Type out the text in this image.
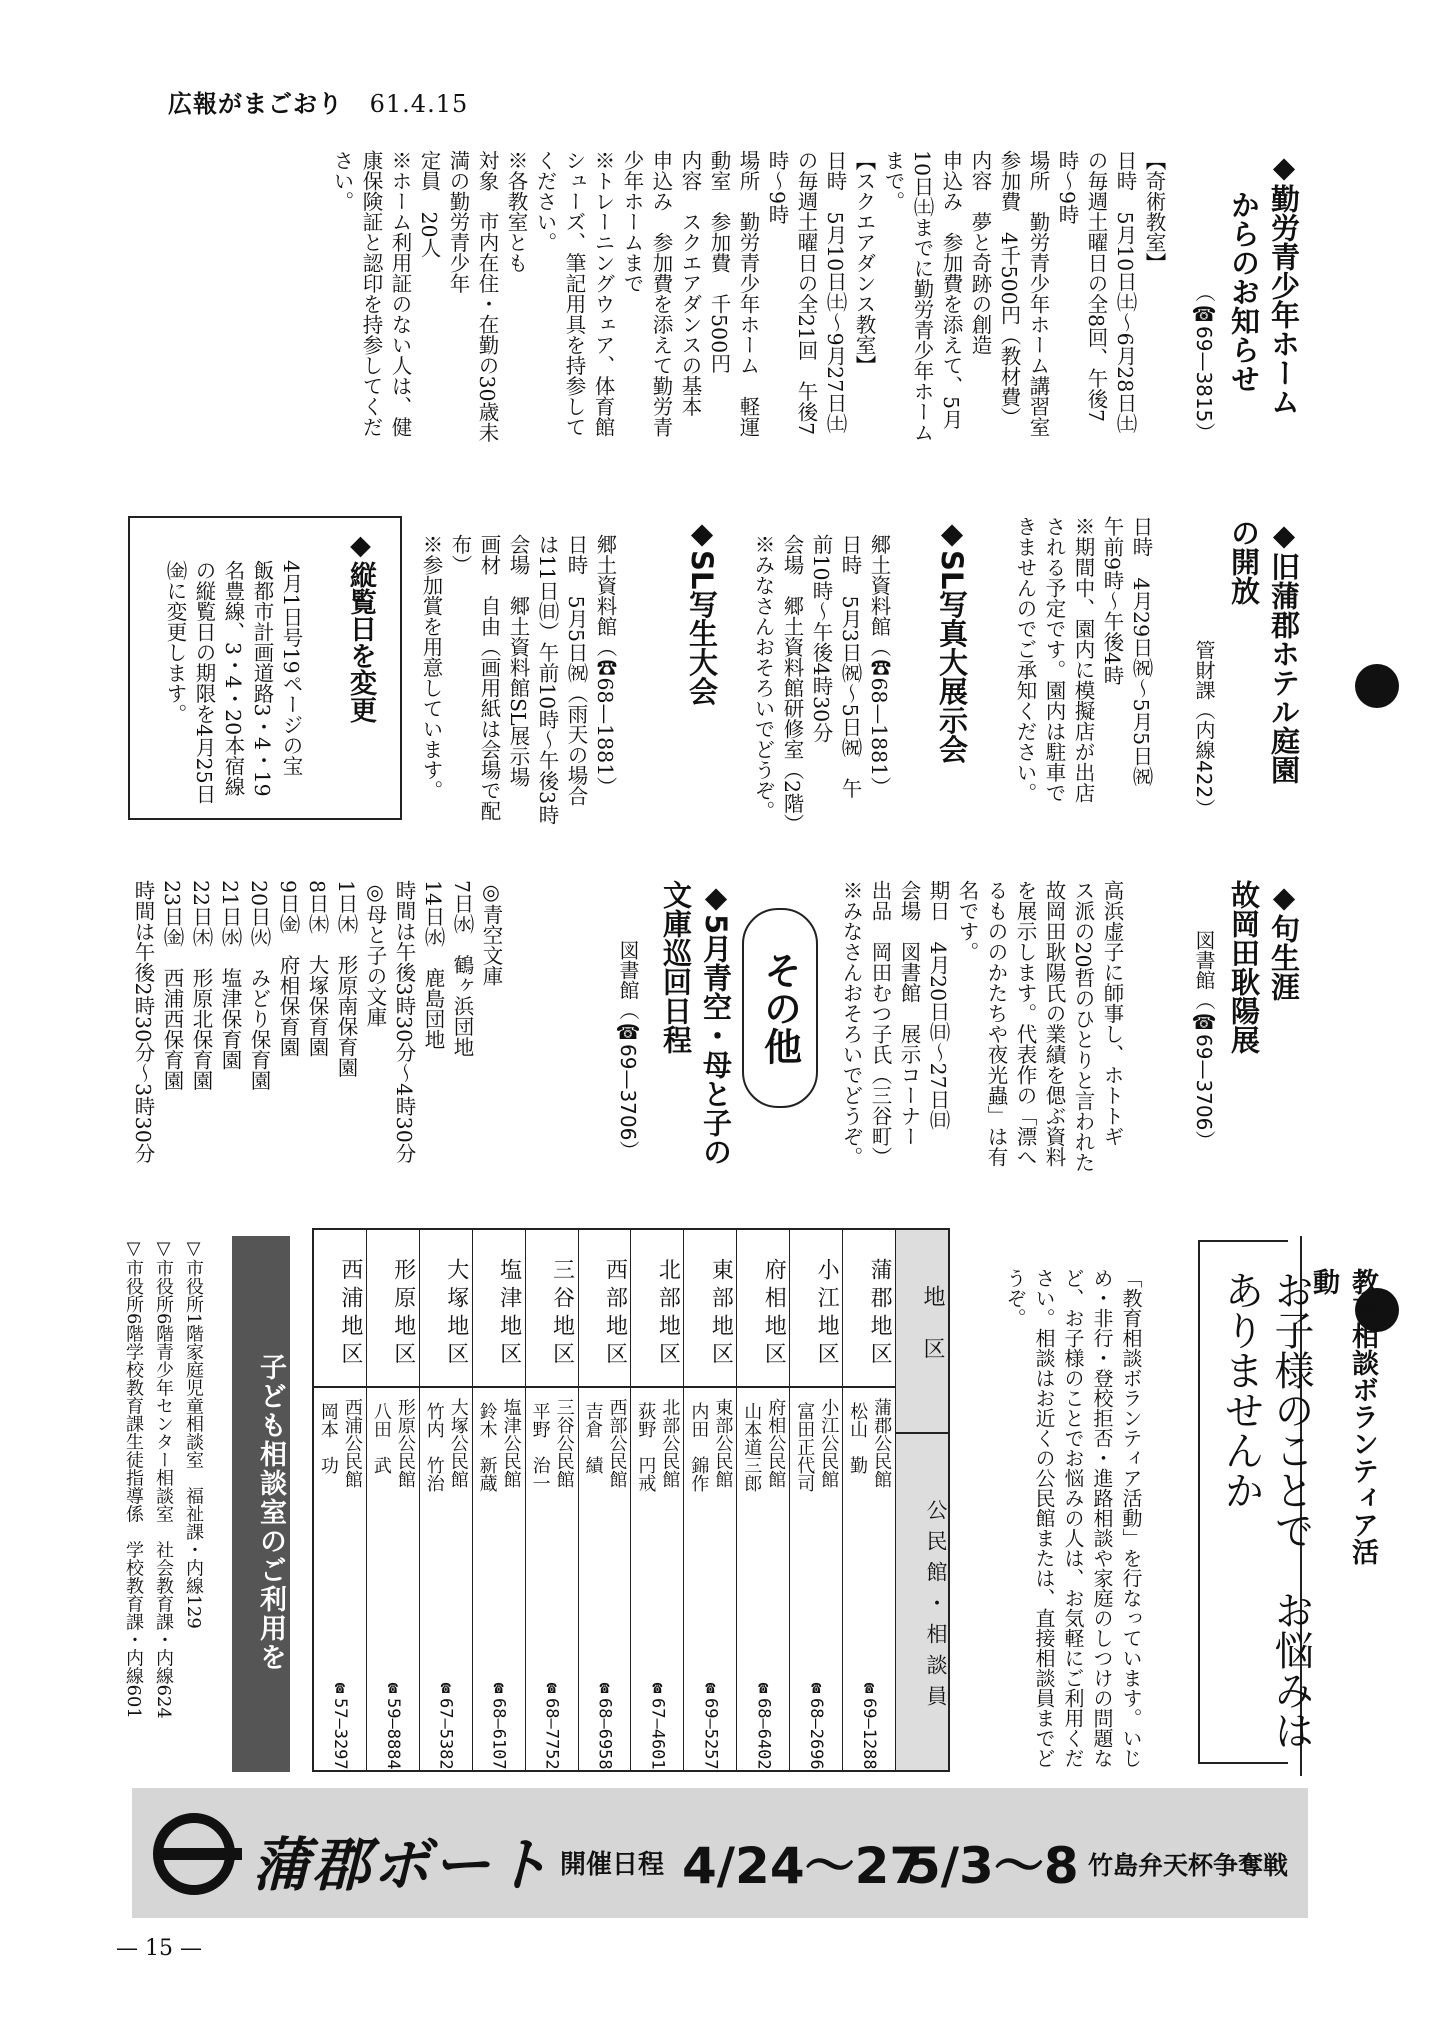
広報がまごおり 61.4.15
◆勤労青少年ホーム
からのお知らせ
（☎69—3815）
【奇術教室】
日時　5月10日㈯～6月28日㈯
の毎週土曜日の全8回、午後7
時～9時
場所　勤労青少年ホーム講習室
参加費　4千500円（教材費）
内容　夢と奇跡の創造
申込み　参加費を添えて、5月
10日㈯までに勤労青少年ホーム
まで。
【スクエアダンス教室】
日時　5月10日㈯～9月27日㈯
の毎週土曜日の全21回　午後7
時～9時
場所　勤労青少年ホーム　軽運
動室　参加費　千500円
内容　スクエアダンスの基本
申込み　参加費を添えて勤労青
少年ホームまで
※トレーニングウェア、体育館
シューズ、筆記用具を持参して
ください。
※各教室とも
対象　市内在住・在勤の30歳未
満の勤労青少年
定員　20人
※ホーム利用証のない人は、健
康保険証と認印を持参してくだ
さい。
◆旧蒲郡ホテル庭園
の開放
管財課（内線422）
日時　4月29日㈷～5月5日㈷
午前9時～午後4時
※期間中、園内に模擬店が出店
される予定です。園内は駐車で
きませんのでご承知ください。
◆SL写真大展示会
郷土資料館（☎68—1881）
日時　5月3日㈷～5日㈷　午
前10時～午後4時30分
会場　郷土資料館研修室（2階）
※みなさんおそろいでどうぞ。
◆SL写生大会
郷土資料館（☎68—1881）
日時　5月5日㈷（雨天の場合
は11日㈰）午前10時～午後3時
会場　郷土資料館SL展示場
画材　自由（画用紙は会場で配
布）
※参加賞を用意しています。
◆縦覧日を変更
4月1日号19ページの宝
飯都市計画道路3・4・19
名豊線、3・4・20本宿線
の縦覧日の期限を4月25日
㈮に変更します。
◆句生涯
故岡田耿陽展
図書館（☎69—3706）
高浜虚子に師事し、ホトトギ
ス派の20哲のひとりと言われた
故岡田耿陽氏の業績を偲ぶ資料
を展示します。代表作の「漂へ
るもののかたちや夜光蟲」は有
名です。
期日　4月20日㈰～27日㈰
会場　図書館　展示コーナー
出品　岡田むつ子氏（三谷町）
※みなさんおそろいでどうぞ。
その他
◆5月青空・母と子の
文庫巡回日程
図書館（☎69—3706）
◎青空文庫
7日㈬　鶴ヶ浜団地
14日㈬　鹿島団地
時間は午後3時30分～4時30分
◎母と子の文庫
1日㈭　形原南保育園
8日㈭　大塚保育園
9日㈮　府相保育園
20日㈫　みどり保育園
21日㈬　塩津保育園
22日㈭　形原北保育園
23日㈮　西浦西保育園
時間は午後2時30分～3時30分
教育相談ボランティア活動
お子様のことで　お悩みはありませんか
「教育相談ボランティア活動」を行なっています。いじめ・非行・登校拒否・進路相談や家庭のしつけの問題など、お子様のことでお悩みの人は、お気軽にご利用ください。相談はお近くの公民館または、直接相談員までどうぞ。
地区
公民館・相談員
蒲郡地区
蒲郡公民館
松山　勤
☎69—1288
小江地区
小江公民館
富田正代司
☎68—2696
府相地区
府相公民館
山本道三郎
☎68—6402
東部地区
東部公民館
内田　錦作
☎69—5257
北部地区
北部公民館
荻野　円戒
☎67—4601
西部地区
西部公民館
吉倉　績
☎68—6958
三谷地区
三谷公民館
平野　治一
☎68—7752
塩津地区
塩津公民館
鈴木　新蔵
☎68—6107
大塚地区
大塚公民館
竹内　竹治
☎67—5382
形原地区
形原公民館
八田　武
☎59—8884
西浦地区
西浦公民館
岡本　功
☎57—3297
子ども相談室のご利用を
▽市役所1階家庭児童相談室　福祉課・内線129
▽市役所6階青少年センター相談室　社会教育課・内線624
▽市役所6階学校教育課生徒指導係　学校教育課・内線601
蒲郡ボート 開催日程 4/24～27
5/3～8 竹島弁天杯争奪戦
— 15 —
